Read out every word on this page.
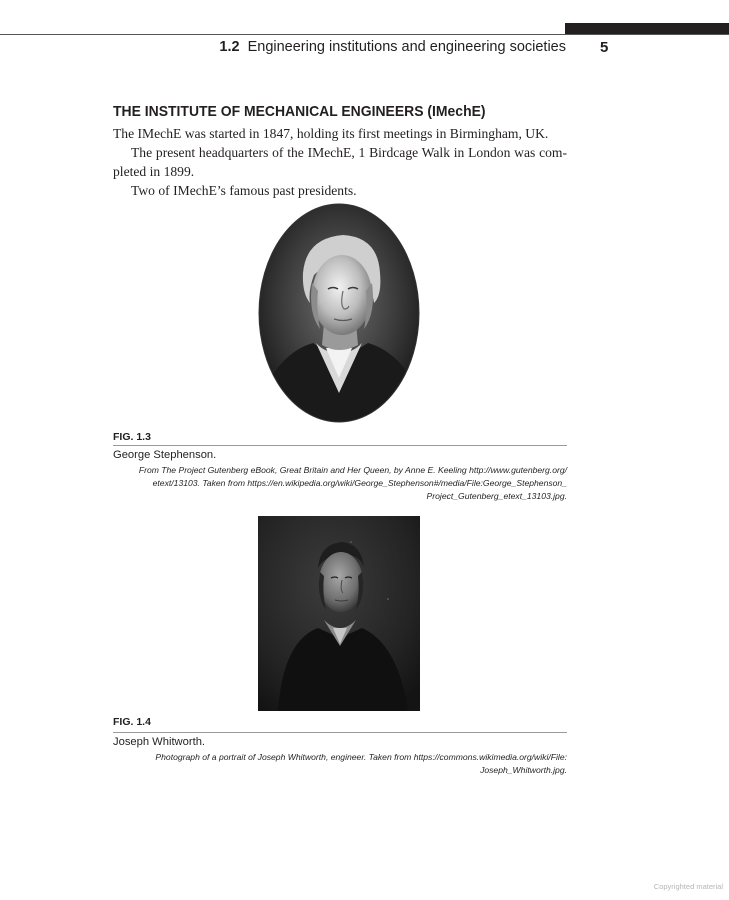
1.2 Engineering institutions and engineering societies 5
THE INSTITUTE OF MECHANICAL ENGINEERS (IMechE)

The IMechE was started in 1847, holding its first meetings in Birmingham, UK.

The present headquarters of the IMechE, 1 Birdcage Walk in London was com-pleted in 1899.

Two of IMechE’s famous past presidents.

FIG. 1.3
George Stephenson.
From The Project Gutenberg eBook, Great Britain and Her Queen, by Anne E. Keeling http://www.gutenberg.org/
etext/13103. Taken from https://en.wikipedia.org/wiki/George_Stephenson#/media/File:George_Stephenson_
Project_Gutenberg_etext_13103.jpg.
FIG. 1.4
Joseph Whitworth.
Photograph of a portrait of Joseph Whitworth, engineer. Taken from https://commons.wikimedia.org/wiki/File:
Joseph_Whitworth.jpg.
Copyrighted material
